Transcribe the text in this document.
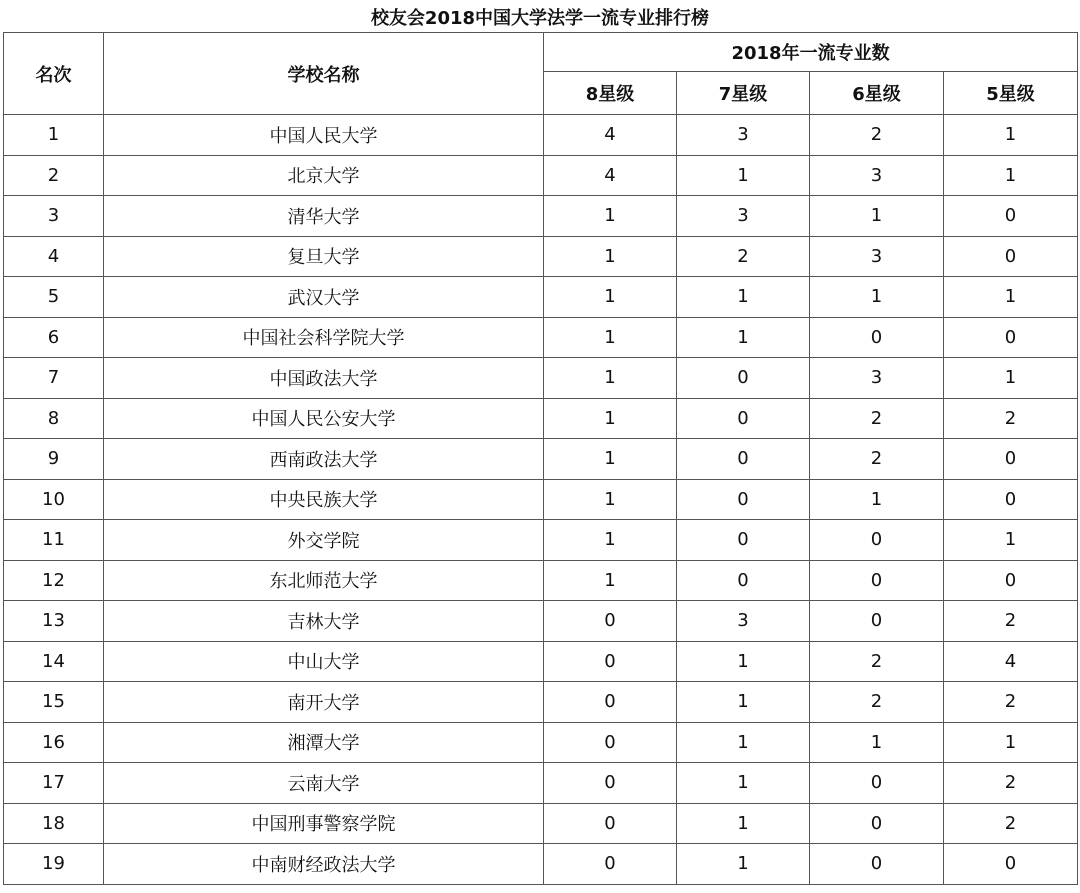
校友会2018中国大学法学一流专业排行榜
名次	学校名称	2018年一流专业数			
		8星级	7星级	6星级	5星级
1	中国人民大学	4	3	2	1
2	北京大学	4	1	3	1
3	清华大学	1	3	1	0
4	复旦大学	1	2	3	0
5	武汉大学	1	1	1	1
6	中国社会科学院大学	1	1	0	0
7	中国政法大学	1	0	3	1
8	中国人民公安大学	1	0	2	2
9	西南政法大学	1	0	2	0
10	中央民族大学	1	0	1	0
11	外交学院	1	0	0	1
12	东北师范大学	1	0	0	0
13	吉林大学	0	3	0	2
14	中山大学	0	1	2	4
15	南开大学	0	1	2	2
16	湘潭大学	0	1	1	1
17	云南大学	0	1	0	2
18	中国刑事警察学院	0	1	0	2
19	中南财经政法大学	0	1	0	0
